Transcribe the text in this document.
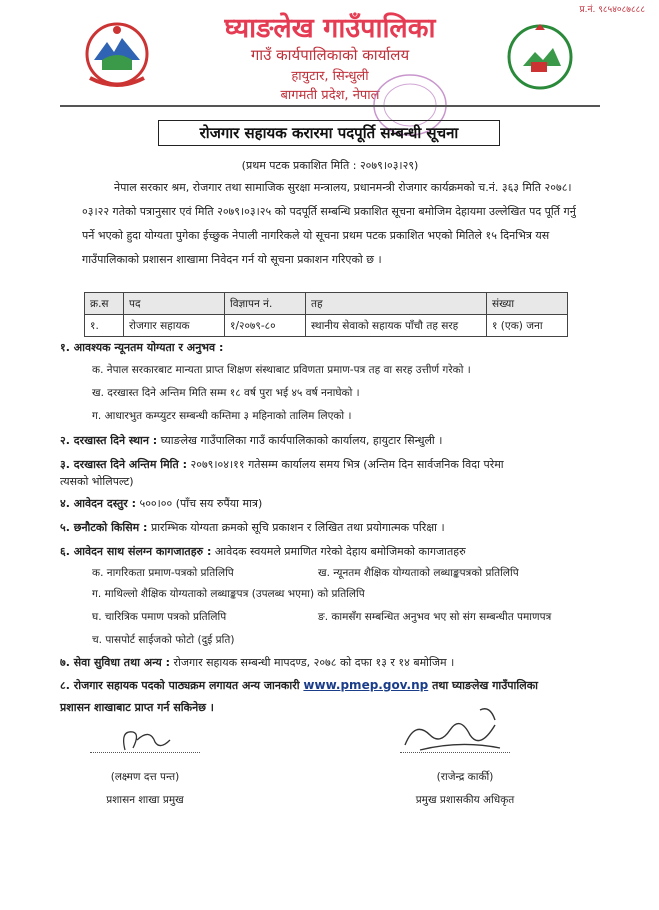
प्र.नं. ९८५४०८७८८८
घ्याङलेख गाउँपालिका
गाउँ कार्यपालिकाको कार्यालय
हायुटार, सिन्धुली
बागमती प्रदेश, नेपाल
रोजगार सहायक करारमा पदपूर्ति सम्बन्धी सूचना
(प्रथम पटक प्रकाशित मिति : २०७९।०३।२९)
नेपाल सरकार श्रम, रोजगार तथा सामाजिक सुरक्षा मन्त्रालय, प्रधानमन्त्री रोजगार कार्यक्रमको च.नं. ३६३ मिति २०७८।०३।२२ गतेको पत्रानुसार एवं मिति २०७९।०३।२५ को पदपूर्ति सम्बन्धि प्रकाशित सूचना बमोजिम देहायमा उल्लेखित पद पूर्ति गर्नु पर्ने भएको हुदा योग्यता पुगेका ईच्छुक नेपाली नागरिकले यो सूचना प्रथम पटक प्रकाशित भएको मितिले १५ दिनभित्र यस गाउँपालिकाको प्रशासन शाखामा निवेदन गर्न यो सूचना प्रकाशन गरिएको छ ।
क्र.स	पद	विज्ञापन नं.	तह	संख्या
१.	रोजगार सहायक	१/२०७९-८०	स्थानीय सेवाको सहायक पाँचौ तह सरह	१ (एक) जना
१. आवश्यक न्यूनतम योग्यता र अनुभव :
क. नेपाल सरकारबाट मान्यता प्राप्त शिक्षण संस्थाबाट प्रविणता प्रमाण-पत्र तह वा सरह उत्तीर्ण गरेको ।
ख. दरखास्त दिने अन्तिम मिति सम्म १८ वर्ष पुरा भई ४५ वर्ष ननाघेको ।
ग. आधारभुत कम्प्युटर सम्बन्धी कम्तिमा ३ महिनाको तालिम लिएको ।
२. दरखास्त दिने स्थान : घ्याङलेख गाउँपालिका गाउँ कार्यपालिकाको कार्यालय, हायुटार सिन्धुली ।
३. दरखास्त दिने अन्तिम मिति : २०७९।०४।११ गतेसम्म कार्यालय समय भित्र (अन्तिम दिन सार्वजनिक विदा परेमा
त्यसको भोलिपल्ट)
४. आवेदन दस्तुर : ५००।०० (पाँच सय रुपैंया मात्र)
५. छनौटको किसिम : प्रारम्भिक योग्यता क्रमको सूचि प्रकाशन र लिखित तथा प्रयोगात्मक परिक्षा ।
६. आवेदन साथ संलग्न कागजातहरु : आवेदक स्वयमले प्रमाणित गरेको देहाय बमोजिमको कागजातहरु
क. नागरिकता प्रमाण-पत्रको प्रतिलिपि	ख. न्यूनतम शैक्षिक योग्यताको लब्धाङ्कपत्रको प्रतिलिपि
ग. माथिल्लो शैक्षिक योग्यताको लब्धाङ्कपत्र (उपलब्ध भएमा) को प्रतिलिपि
घ. चारित्रिक पमाण पत्रको प्रतिलिपि	ङ. कामसँग सम्बन्धित अनुभव भए सो संग सम्बन्धीत पमाणपत्र
च. पासपोर्ट साईजको फोटो (दुई प्रति)
७. सेवा सुविधा तथा अन्य : रोजगार सहायक सम्बन्धी मापदण्ड, २०७८ को दफा १३ र १४ बमोजिम ।
८. रोजगार सहायक पदको पाठ्यक्रम लगायत अन्य जानकारी www.pmep.gov.np तथा घ्याङलेख गाउँपालिका
प्रशासन शाखाबाट प्राप्त गर्न सकिनेछ ।
(लक्ष्मण दत्त पन्त)
प्रशासन शाखा प्रमुख
(राजेन्द्र कार्की)
प्रमुख प्रशासकीय अधिकृत
